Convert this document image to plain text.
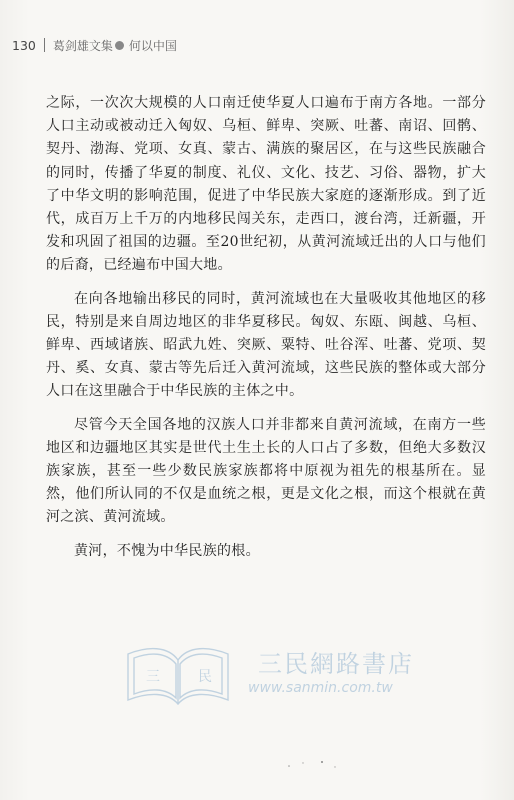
130 葛剑雄文集 何以中国

之际，一次次大规模的人口南迁使华夏人口遍布于南方各地。一部分人口主动或被动迁入匈奴、乌桓、鲜卑、突厥、吐蕃、南诏、回鹘、契丹、渤海、党项、女真、蒙古、满族的聚居区，在与这些民族融合的同时，传播了华夏的制度、礼仪、文化、技艺、习俗、器物，扩大了中华文明的影响范围，促进了中华民族大家庭的逐渐形成。到了近代，成百万上千万的内地移民闯关东，走西口，渡台湾，迁新疆，开发和巩固了祖国的边疆。至20世纪初，从黄河流域迁出的人口与他们的后裔，已经遍布中国大地。

在向各地输出移民的同时，黄河流域也在大量吸收其他地区的移民，特别是来自周边地区的非华夏移民。匈奴、东瓯、闽越、乌桓、鲜卑、西域诸族、昭武九姓、突厥、粟特、吐谷浑、吐蕃、党项、契丹、奚、女真、蒙古等先后迁入黄河流域，这些民族的整体或大部分人口在这里融合于中华民族的主体之中。

尽管今天全国各地的汉族人口并非都来自黄河流域，在南方一些地区和边疆地区其实是世代土生土长的人口占了多数，但绝大多数汉族家族，甚至一些少数民族家族都将中原视为祖先的根基所在。显然，他们所认同的不仅是血统之根，更是文化之根，而这个根就在黄河之滨、黄河流域。

黄河，不愧为中华民族的根。

三	民 三民網路書店
www.sanmin.com.tw
